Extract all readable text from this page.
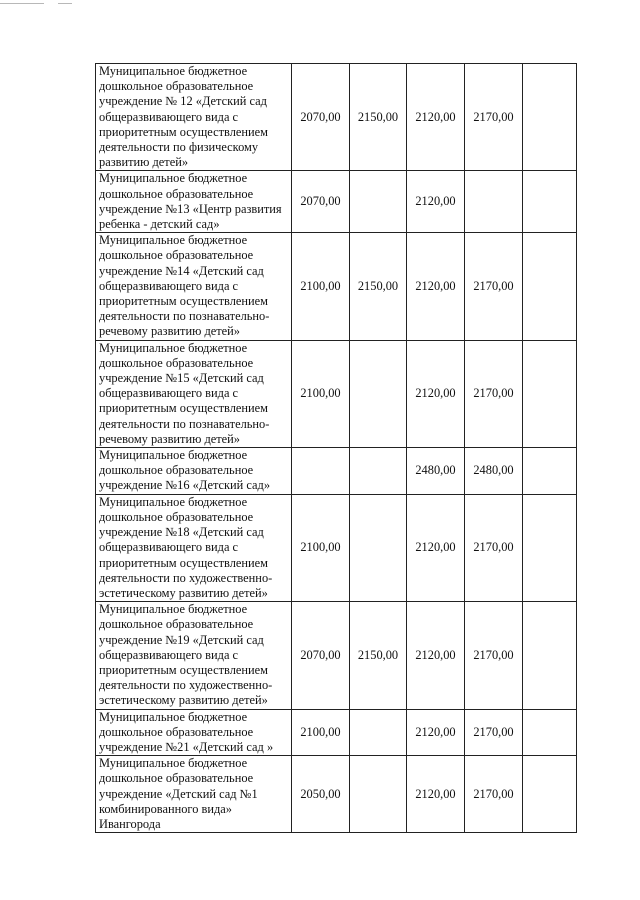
Муниципальное бюджетное дошкольное образовательное учреждение № 12 «Детский сад общеразвивающего вида с приоритетным осуществлением деятельности по физическому развитию детей»	2070,00	2150,00	2120,00	2170,00	
Муниципальное бюджетное дошкольное образовательное учреждение №13 «Центр развития ребенка - детский сад»	2070,00		2120,00		
Муниципальное бюджетное дошкольное образовательное учреждение №14 «Детский сад общеразвивающего вида с приоритетным осуществлением деятельности по познавательно-речевому развитию детей»	2100,00	2150,00	2120,00	2170,00	
Муниципальное бюджетное дошкольное образовательное учреждение №15 «Детский сад общеразвивающего вида с приоритетным осуществлением деятельности по познавательно-речевому развитию детей»	2100,00		2120,00	2170,00	
Муниципальное бюджетное дошкольное образовательное учреждение №16 «Детский сад»			2480,00	2480,00	
Муниципальное бюджетное дошкольное образовательное учреждение №18 «Детский сад общеразвивающего вида с приоритетным осуществлением деятельности по художественно-эстетическому развитию детей»	2100,00		2120,00	2170,00	
Муниципальное бюджетное дошкольное образовательное учреждение №19 «Детский сад общеразвивающего вида с приоритетным осуществлением деятельности по художественно-эстетическому развитию детей»	2070,00	2150,00	2120,00	2170,00	
Муниципальное бюджетное дошкольное образовательное учреждение №21 «Детский сад »	2100,00		2120,00	2170,00	
Муниципальное бюджетное дошкольное образовательное учреждение «Детский сад №1 комбинированного вида» Ивангорода	2050,00		2120,00	2170,00	
